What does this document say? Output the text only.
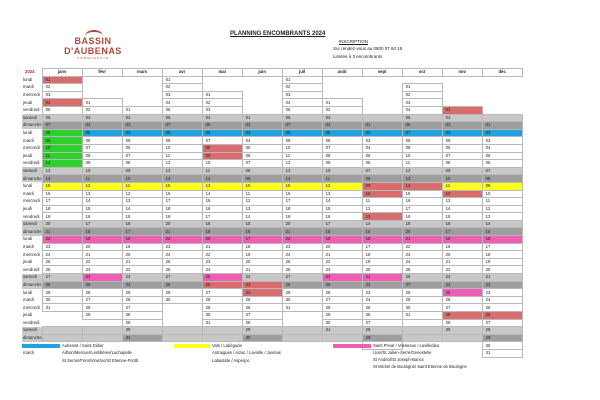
BASSIN
D'AUBENAS
COMMUNAUTÉ
PLANNING ENCOMBRANTS 2024
INSCRIPTION
Sur rendez-vous au 0800 07 60 15
Limitée à 3 encombrants
2024	janv	févr	mars	avr	mai	juin	juil	août	sept	oct	nov	déc
lundi	01			01			01					
mardi	02			02			02			01		
mercredi	03			03	01		03			02		
jeudi	04	01		04	02		04	01		03		
vendredi	05	02	01	05	03		05	02		04	01	
samedi	06	03	02	06	04	01	06	03		05	02	
dimanche	07	04	03	07	05	02	07	04	01	06	03	01
lundi	08	05	04	08	06	03	08	05	02	07	04	02
mardi	09	06	05	09	07	04	09	06	03	08	05	03
mercredi	10	07	06	10	08	05	10	07	04	09	06	04
jeudi	11	08	07	11	09	06	11	08	05	10	07	05
vendredi	12	09	08	12	10	07	12	09	06	11	08	06
samedi	13	10	09	13	11	08	13	10	07	12	09	07
dimanche	14	11	10	14	12	09	14	11	08	13	10	08
lundi	15	12	11	15	13	10	15	12	09	14	11	09
mardi	16	13	12	16	14	11	16	13	10	15	12	10
mercredi	17	14	13	17	15	12	17	14	11	16	13	11
jeudi	18	15	14	18	16	13	18	15	12	17	14	12
vendredi	19	16	15	19	17	14	19	16	13	18	15	13
samedi	20	17	16	20	18	15	20	17	14	19	16	14
dimanche	21	18	17	21	19	16	21	18	15	20	17	15
lundi	22	19	18	22	20	17	22	19	16	21	18	16
mardi	23	20	19	23	21	18	23	20	17	22	19	17
mercredi	24	21	20	24	22	19	24	21	18	23	20	18
jeudi	25	22	21	25	23	20	25	22	19	24	21	19
vendredi	26	23	22	26	24	21	26	23	20	25	22	20
samedi	27	24	23	27	25	22	27	24	21	26	23	21
dimanche	28	25	24	28	26	23	28	25	22	27	24	22
lundi	29	26	25	29	27	24	29	26	23	28	25	23
mardi	30	27	26	30	28	25	30	27	24	29	26	24
mercredi	31	28	27		29	26	31	28	25	30	27	25
jeudi		29	28		30	27		29	26	31	28	26
vendredi			29		31	28		30	27		29	27
samedi			30			29		31	28		30	28
dimanche			31			30			29			29
												30
mardi												31
Aubenas / Saint Didier
Ailhon/Mercuer/Lentillères/Lachapelle
St Sernin/Fons/Vinezac/St Etienne-Fontb
Vals / Labégude
Antraigues / Aizac / Laviolle / Juvinas
Labastide / Asperjoc
Saint Privat / Vesseaux / Lavilledieu
Ucel/St Julien-Serre/Genestelle
St Andéol/St Joseph-Bancs
St Michel de Boulogne/ Saint Etienne de Boulogne
